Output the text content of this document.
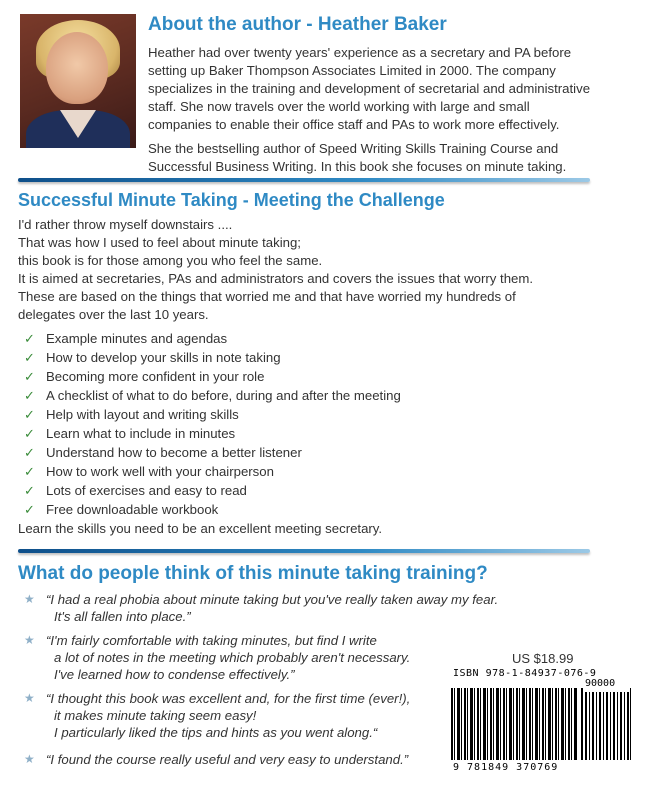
About the author - Heather Baker
Heather had over twenty years' experience as a secretary and PA before
setting up Baker Thompson Associates Limited in 2000. The company
specializes in the training and development of secretarial and administrative
staff. She now travels over the world working with large and small
companies to enable their office staff and PAs to work more effectively.
She the bestselling author of Speed Writing Skills Training Course and
Successful Business Writing. In this book she focuses on minute taking.
Successful Minute Taking - Meeting the Challenge
I'd rather throw myself downstairs ....
That was how I used to feel about minute taking;
this book is for those among you who feel the same.
It is aimed at secretaries, PAs and administrators and covers the issues that worry them.
These are based on the things that worried me and that have worried my hundreds of
delegates over the last 10 years.
✓ Example minutes and agendas
✓ How to develop your skills in note taking
✓ Becoming more confident in your role
✓ A checklist of what to do before, during and after the meeting
✓ Help with layout and writing skills
✓ Learn what to include in minutes
✓ Understand how to become a better listener
✓ How to work well with your chairperson
✓ Lots of exercises and easy to read
✓ Free downloadable workbook
Learn the skills you need to be an excellent meeting secretary.
What do people think of this minute taking training?
★ “I had a real phobia about minute taking but you've really taken away my fear.
It's all fallen into place.”
★ “I'm fairly comfortable with taking minutes, but find I write
a lot of notes in the meeting which probably aren't necessary.
I've learned how to condense effectively.”
★ “I thought this book was excellent and, for the first time (ever!),
it makes minute taking seem easy!
I particularly liked the tips and hints as you went along.“
★ “I found the course really useful and very easy to understand.”
US $18.99
ISBN 978-1-84937-076-9
90000
9 781849 370769
